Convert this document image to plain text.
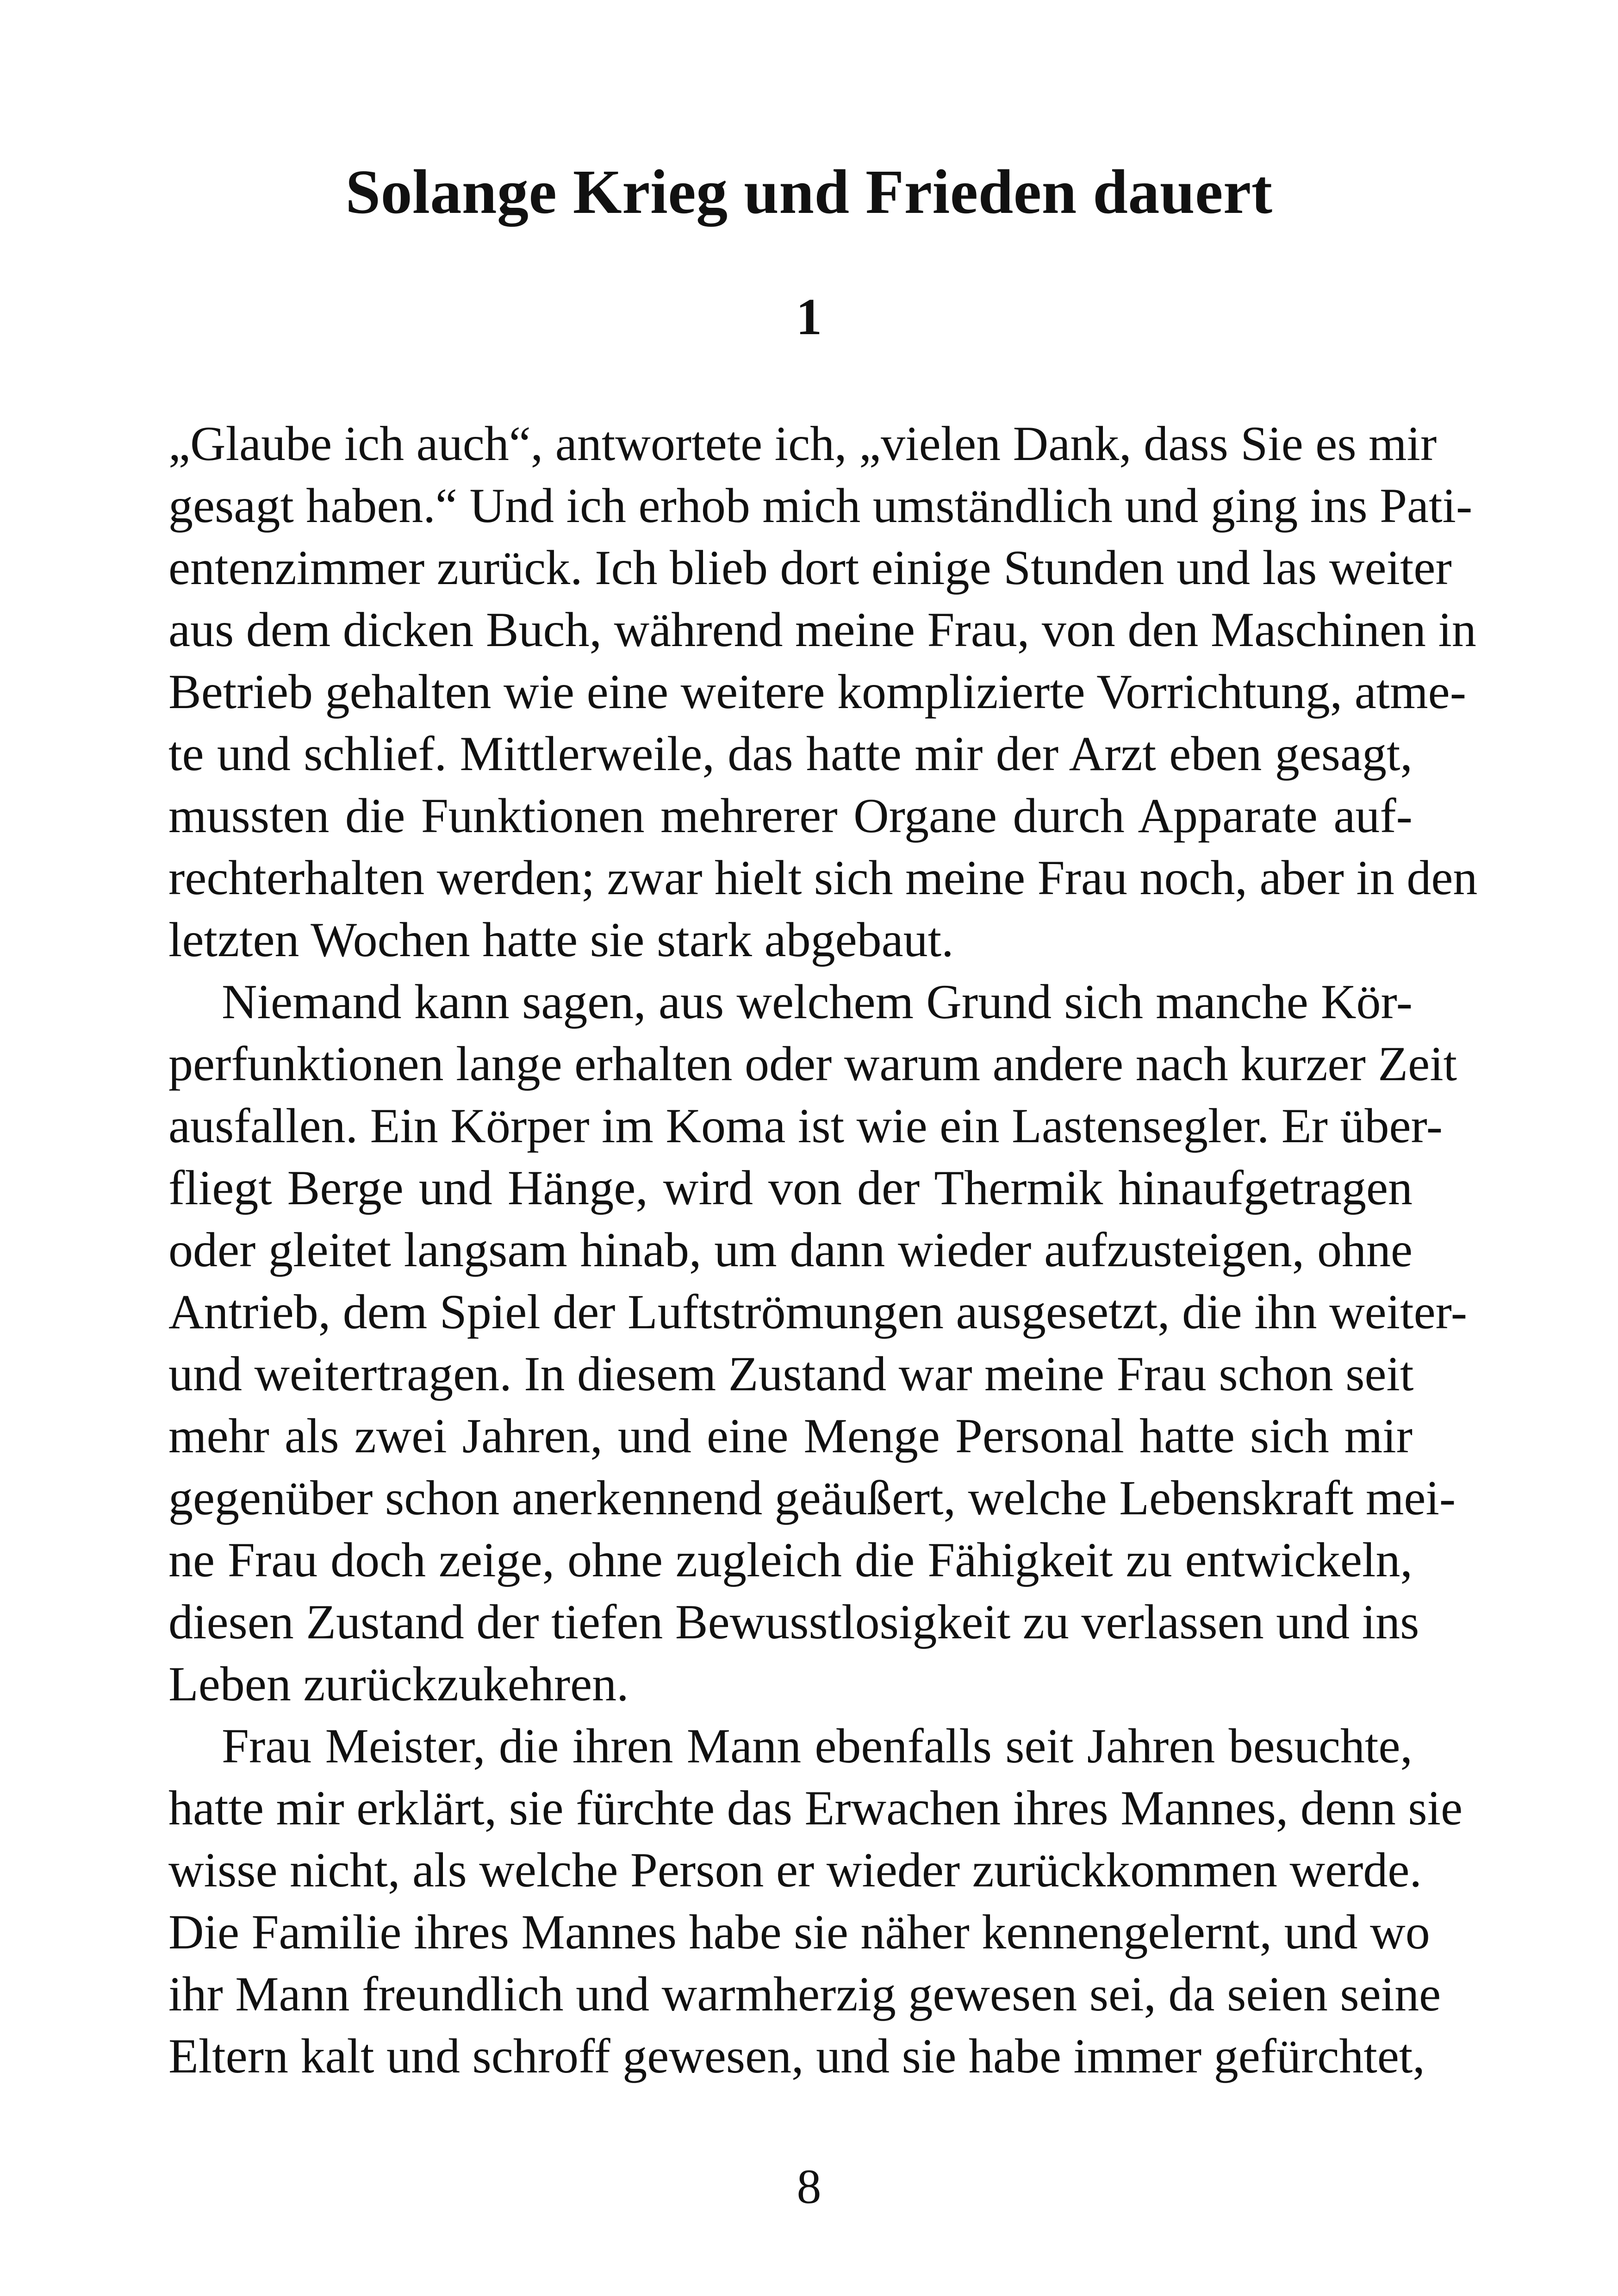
Solange Krieg und Frieden dauert
1
„Glaube ich auch“, antwortete ich, „vielen Dank, dass Sie es mir
gesagt haben.“ Und ich erhob mich umständlich und ging ins Pati-
entenzimmer zurück. Ich blieb dort einige Stunden und las weiter
aus dem dicken Buch, während meine Frau, von den Maschinen in
Betrieb gehalten wie eine weitere komplizierte Vorrichtung, atme-
te und schlief. Mittlerweile, das hatte mir der Arzt eben gesagt,
mussten die Funktionen mehrerer Organe durch Apparate auf-
rechterhalten werden; zwar hielt sich meine Frau noch, aber in den
letzten Wochen hatte sie stark abgebaut.
Niemand kann sagen, aus welchem Grund sich manche Kör-
perfunktionen lange erhalten oder warum andere nach kurzer Zeit
ausfallen. Ein Körper im Koma ist wie ein Lastensegler. Er über-
fliegt Berge und Hänge, wird von der Thermik hinaufgetragen
oder gleitet langsam hinab, um dann wieder aufzusteigen, ohne
Antrieb, dem Spiel der Luftströmungen ausgesetzt, die ihn weiter-
und weitertragen. In diesem Zustand war meine Frau schon seit
mehr als zwei Jahren, und eine Menge Personal hatte sich mir
gegenüber schon anerkennend geäußert, welche Lebenskraft mei-
ne Frau doch zeige, ohne zugleich die Fähigkeit zu entwickeln,
diesen Zustand der tiefen Bewusstlosigkeit zu verlassen und ins
Leben zurückzukehren.
Frau Meister, die ihren Mann ebenfalls seit Jahren besuchte,
hatte mir erklärt, sie fürchte das Erwachen ihres Mannes, denn sie
wisse nicht, als welche Person er wieder zurückkommen werde.
Die Familie ihres Mannes habe sie näher kennengelernt, und wo
ihr Mann freundlich und warmherzig gewesen sei, da seien seine
Eltern kalt und schroff gewesen, und sie habe immer gefürchtet,
8
